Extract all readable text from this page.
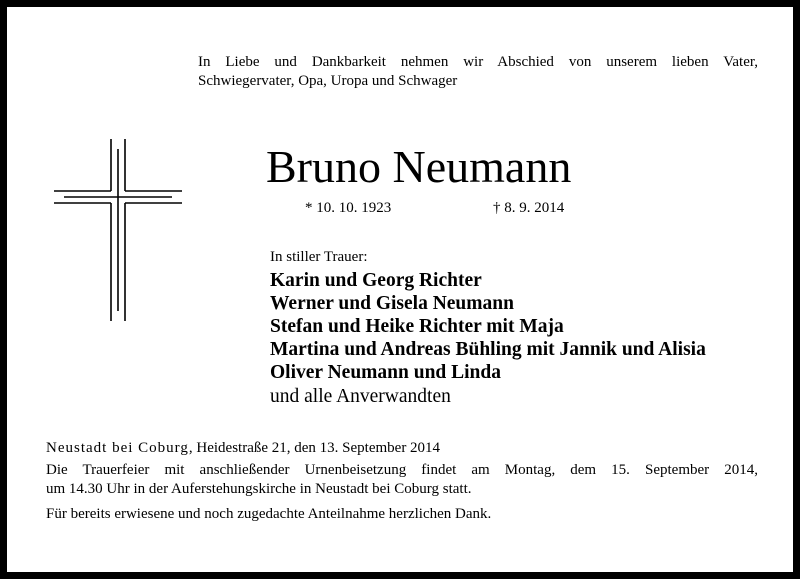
In Liebe und Dankbarkeit nehmen wir Abschied von unserem lieben Vater,
Schwiegervater, Opa, Uropa und Schwager
Bruno Neumann
* 10. 10. 1923	† 8. 9. 2014
In stiller Trauer:
Karin und Georg Richter
Werner und Gisela Neumann
Stefan und Heike Richter mit Maja
Martina und Andreas Bühling mit Jannik und Alisia
Oliver Neumann und Linda
und alle Anverwandten
Neustadt bei Coburg, Heidestraße 21, den 13. September 2014
Die Trauerfeier mit anschließender Urnenbeisetzung findet am Montag, dem 15. September 2014,
um 14.30 Uhr in der Auferstehungskirche in Neustadt bei Coburg statt.
Für bereits erwiesene und noch zugedachte Anteilnahme herzlichen Dank.
